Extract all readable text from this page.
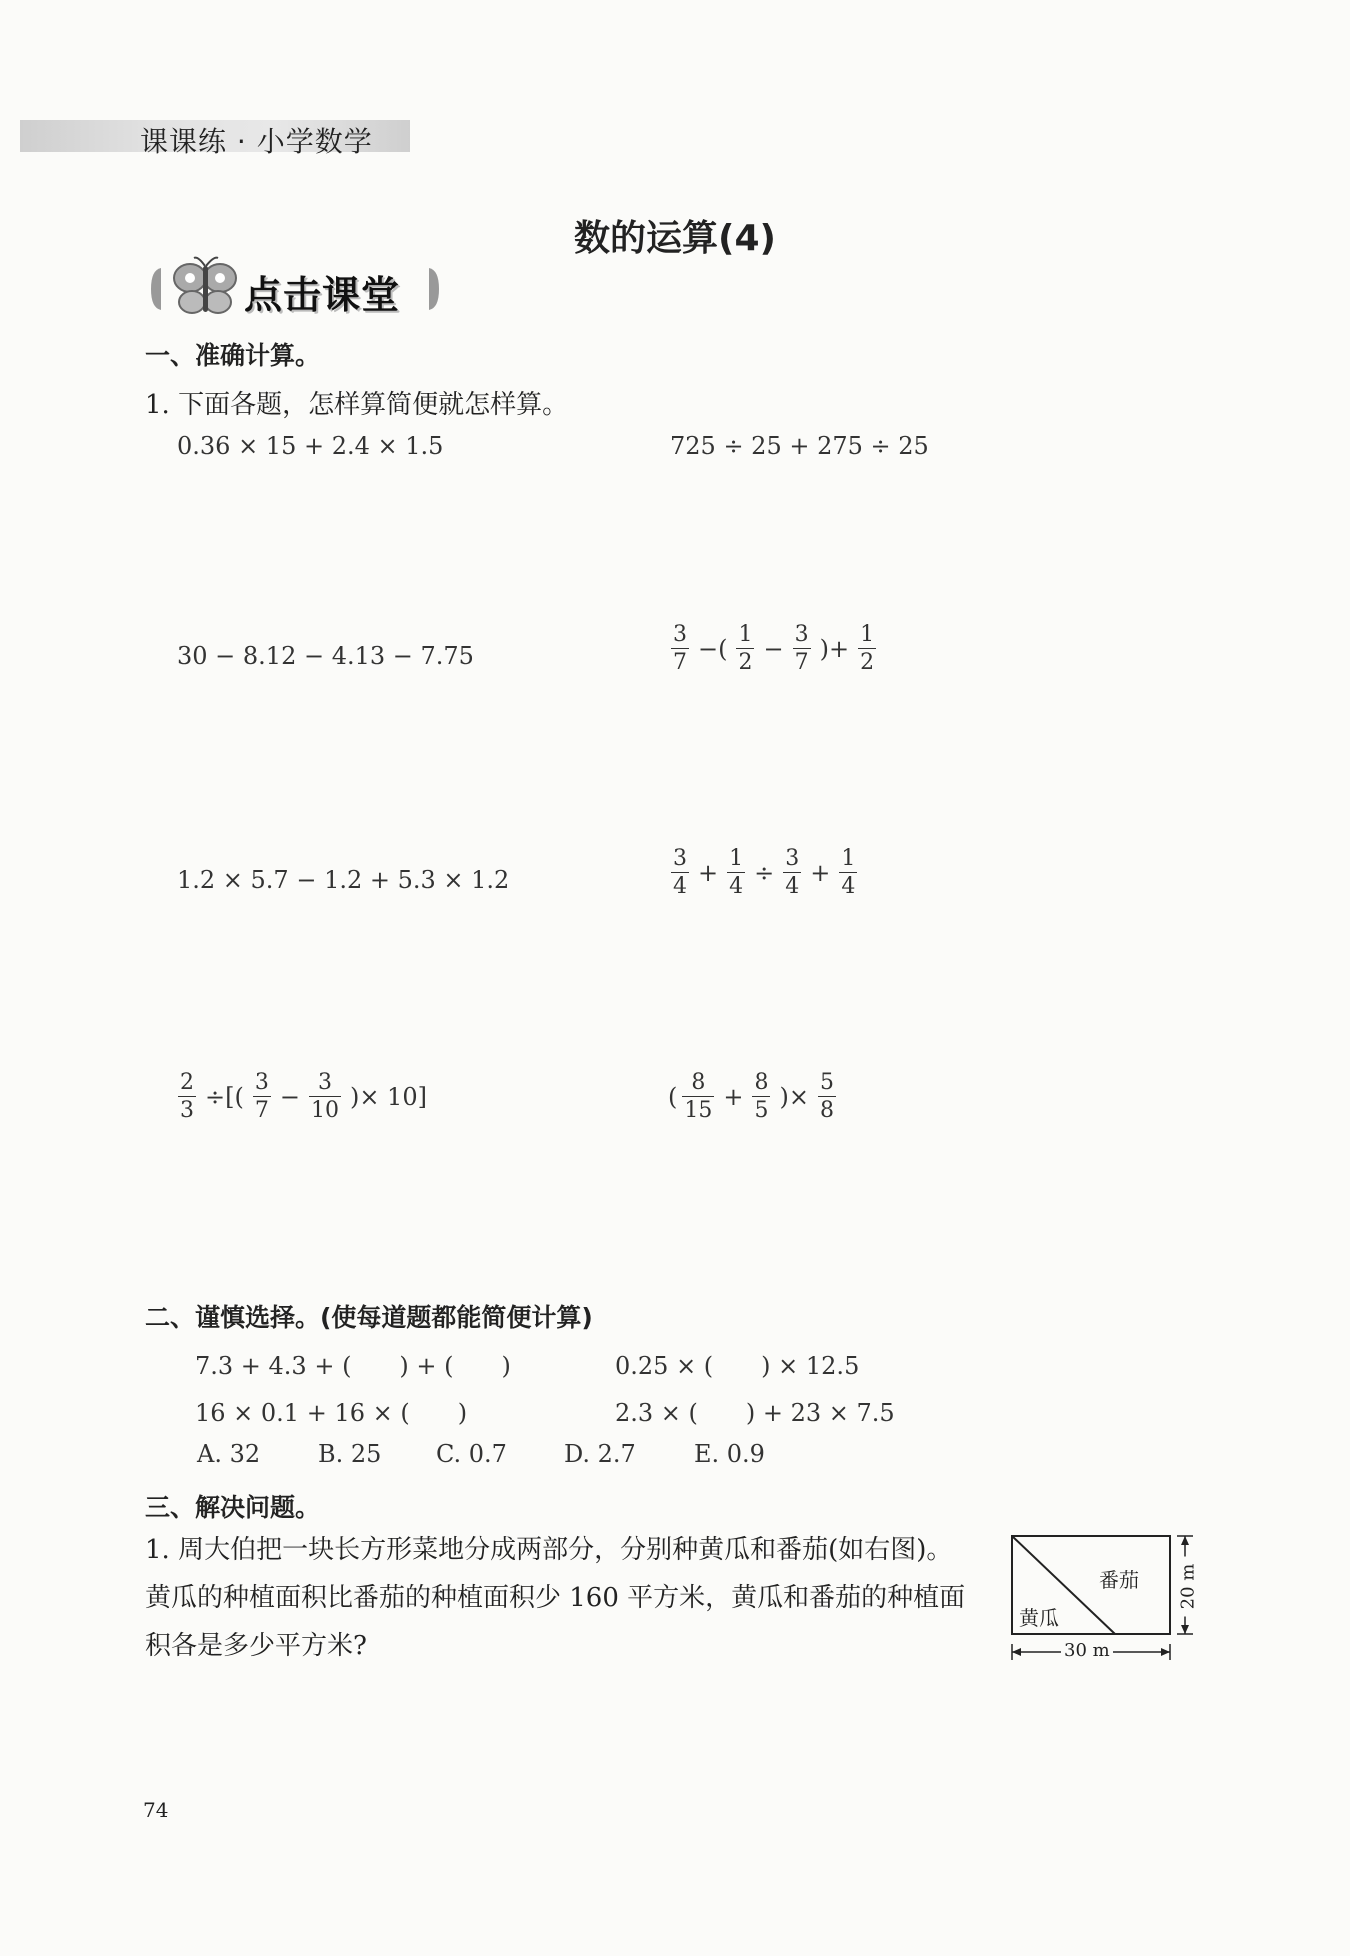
课课练 · 小学数学
数的运算(4)
点击课堂
一、准确计算。
1. 下面各题，怎样算简便就怎样算。
0.36 × 15 + 2.4 × 1.5	725 ÷ 25 + 275 ÷ 25
30 − 8.12 − 4.13 − 7.75	$\frac{3}{7}$ −( $\frac{1}{2} - \frac{3}{7}$ )+ $\frac{1}{2}$
1.2 × 5.7 − 1.2 + 5.3 × 1.2	$\frac{3}{4} + \frac{1}{4} \div \frac{3}{4} + \frac{1}{4}$
$\frac{2}{3}$ ÷[( $\frac{3}{7} - \frac{3}{10}$ )× 10]	( $\frac{8}{15} + \frac{8}{5}$ )× $\frac{5}{8}$
二、谨慎选择。(使每道题都能简便计算)
7.3 + 4.3 + (　　) + (　　)	0.25 × (　　) × 12.5
16 × 0.1 + 16 × (　　)	2.3 × (　　) + 23 × 7.5
A. 32 B. 25 C. 0.7 D. 2.7 E. 0.9
三、解决问题。
1. 周大伯把一块长方形菜地分成两部分，分别种黄瓜和番茄(如右图)。黄瓜的种植面积比番茄的种植面积少 160 平方米，黄瓜和番茄的种植面积各是多少平方米?
番茄
黄瓜
20 m
30 m
74
